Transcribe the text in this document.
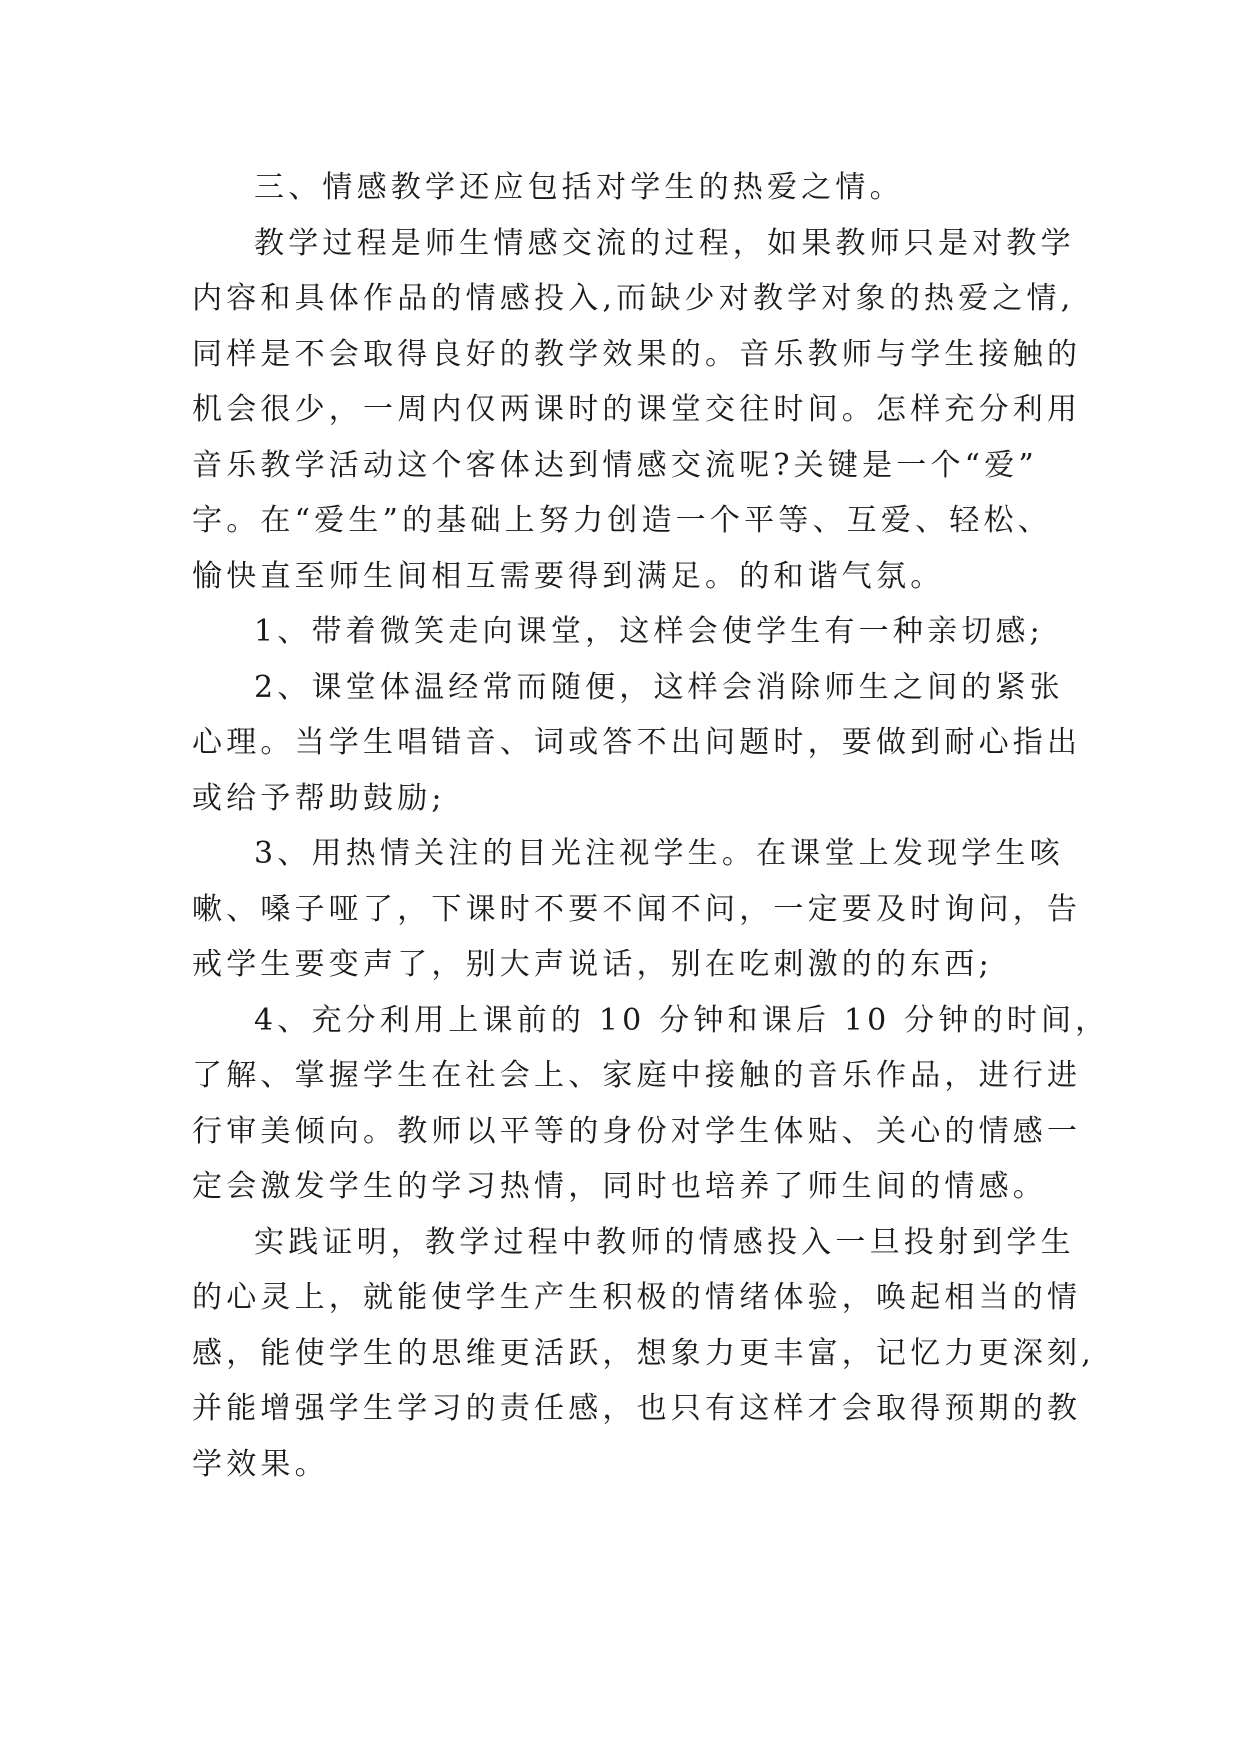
三、情感教学还应包括对学生的热爱之情。
教学过程是师生情感交流的过程，如果教师只是对教学
内容和具体作品的情感投入,而缺少对教学对象的热爱之情,
同样是不会取得良好的教学效果的。音乐教师与学生接触的
机会很少，一周内仅两课时的课堂交往时间。怎样充分利用
音乐教学活动这个客体达到情感交流呢?关键是一个“爱”
字。在“爱生”的基础上努力创造一个平等、互爱、轻松、
愉快直至师生间相互需要得到满足。的和谐气氛。
1、带着微笑走向课堂，这样会使学生有一种亲切感;
2、课堂体温经常而随便，这样会消除师生之间的紧张
心理。当学生唱错音、词或答不出问题时，要做到耐心指出
或给予帮助鼓励;
3、用热情关注的目光注视学生。在课堂上发现学生咳
嗽、嗓子哑了，下课时不要不闻不问，一定要及时询问，告
戒学生要变声了，别大声说话，别在吃刺激的的东西;
4、充分利用上课前的 10 分钟和课后 10 分钟的时间，
了解、掌握学生在社会上、家庭中接触的音乐作品，进行进
行审美倾向。教师以平等的身份对学生体贴、关心的情感一
定会激发学生的学习热情，同时也培养了师生间的情感。
实践证明，教学过程中教师的情感投入一旦投射到学生
的心灵上，就能使学生产生积极的情绪体验，唤起相当的情
感，能使学生的思维更活跃，想象力更丰富，记忆力更深刻,
并能增强学生学习的责任感，也只有这样才会取得预期的教
学效果。
